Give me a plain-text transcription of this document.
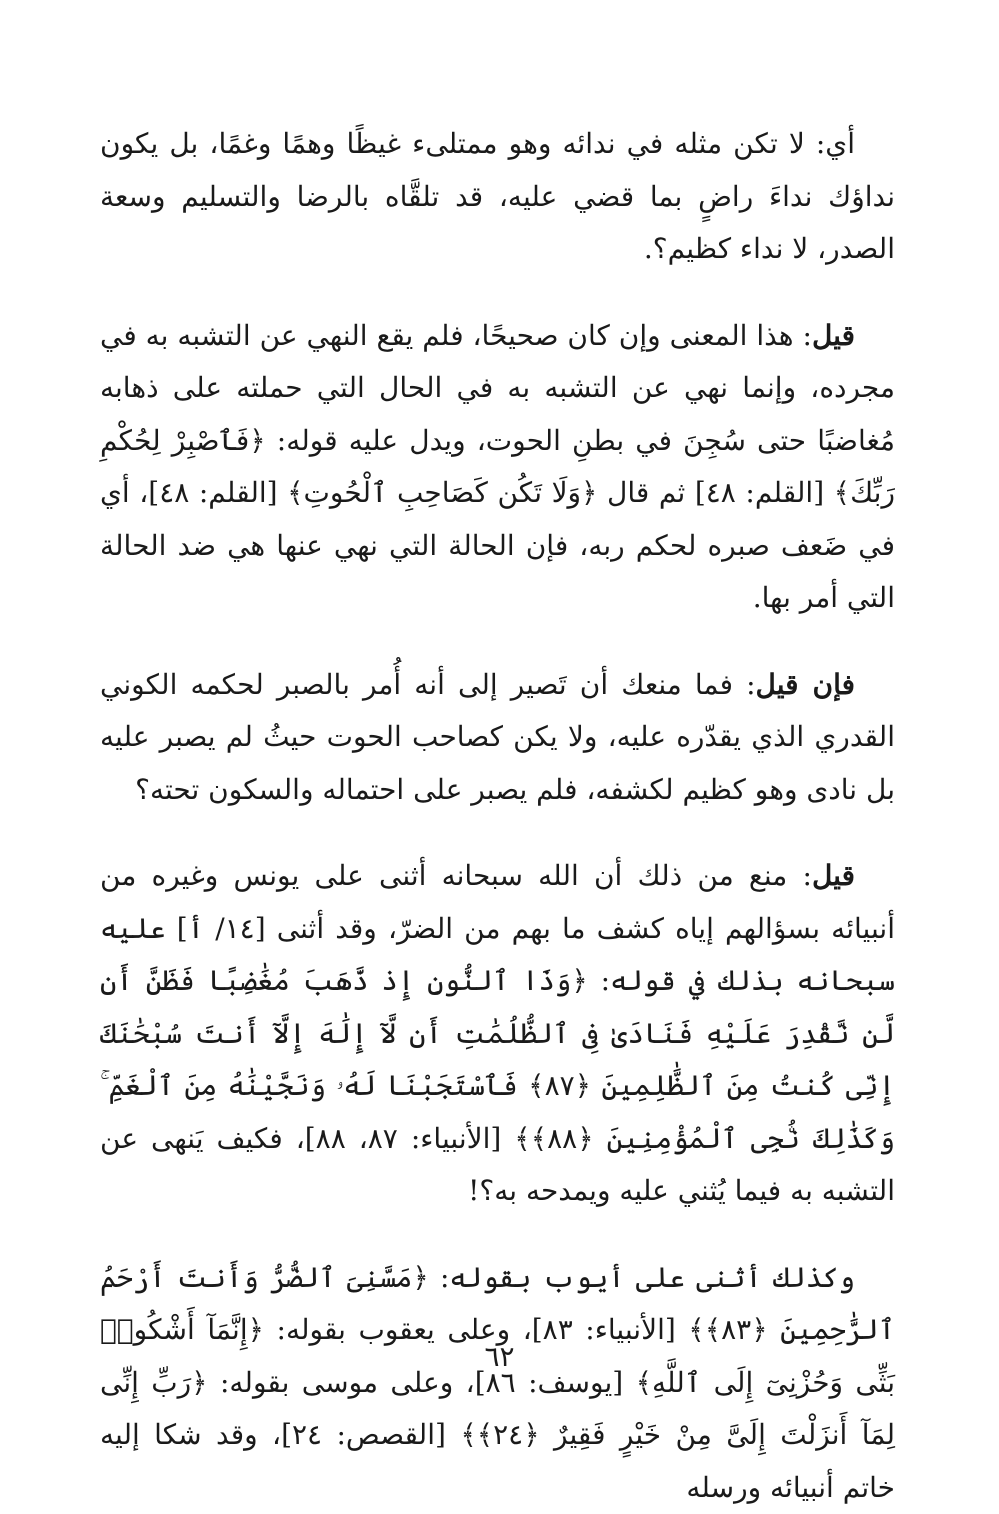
أي: لا تكن مثله في ندائه وهو ممتلىء غيظًا وهمًا وغمًا، بل يكون نداؤك نداءَ راضٍ بما قضي عليه، قد تلقَّاه بالرضا والتسليم وسعة الصدر، لا نداء كظيم؟.

قيل: هذا المعنى وإن كان صحيحًا، فلم يقع النهي عن التشبه به في مجرده، وإنما نهي عن التشبه به في الحال التي حملته على ذهابه مُغاضبًا حتى سُجِنَ في بطنِ الحوت، ويدل عليه قوله: ﴿فَٱصْبِرْ لِحُكْمِ رَبِّكَ﴾ [القلم: ٤٨] ثم قال ﴿وَلَا تَكُن كَصَاحِبِ ٱلْحُوتِ﴾ [القلم: ٤٨]، أي في ضَعف صبره لحكم ربه، فإن الحالة التي نهي عنها هي ضد الحالة التي أمر بها.

فإن قيل: فما منعك أن تَصير إلى أنه أُمر بالصبر لحكمه الكوني القدري الذي يقدّره عليه، ولا يكن كصاحب الحوت حيثُ لم يصبر عليه بل نادى وهو كظيم لكشفه، فلم يصبر على احتماله والسكون تحته؟

قيل: منع من ذلك أن الله سبحانه أثنى على يونس وغيره من أنبيائه بسؤالهم إياه كشف ما بهم من الضرّ، وقد أثنى [١٤/ أ] عليه سبحانه بذلك في قوله: ﴿وَذَا ٱلنُّونِ إِذ ذَّهَبَ مُغَٰضِبًا فَظَنَّ أَن لَّن نَّقْدِرَ عَلَيْهِ فَنَادَىٰ فِى ٱلظُّلُمَٰتِ أَن لَّآ إِلَٰهَ إِلَّآ أَنتَ سُبْحَٰنَكَ إِنِّى كُنتُ مِنَ ٱلظَّٰلِمِينَ ﴿٨٧﴾ فَٱسْتَجَبْنَا لَهُۥ وَنَجَّيْنَٰهُ مِنَ ٱلْغَمِّ ۚ وَكَذَٰلِكَ نُۨجِى ٱلْمُؤْمِنِينَ ﴿٨٨﴾﴾ [الأنبياء: ٨٧، ٨٨]، فكيف يَنهى عن التشبه به فيما يُثني عليه ويمدحه به؟!

وكذلك أثنى على أيوب بقوله: ﴿مَسَّنِىَ ٱلضُّرُّ وَأَنتَ أَرْحَمُ ٱلرَّٰحِمِينَ ﴿٨٣﴾﴾ [الأنبياء: ٨٣]، وعلى يعقوب بقوله: ﴿إِنَّمَآ أَشْكُوا۟ بَثِّى وَحُزْنِىٓ إِلَى ٱللَّهِ﴾ [يوسف: ٨٦]، وعلى موسى بقوله: ﴿رَبِّ إِنِّى لِمَآ أَنزَلْتَ إِلَىَّ مِنْ خَيْرٍ فَقِيرٌ ﴿٢٤﴾﴾ [القصص: ٢٤]، وقد شكا إليه خاتم أنبيائه ورسله

٦٢
